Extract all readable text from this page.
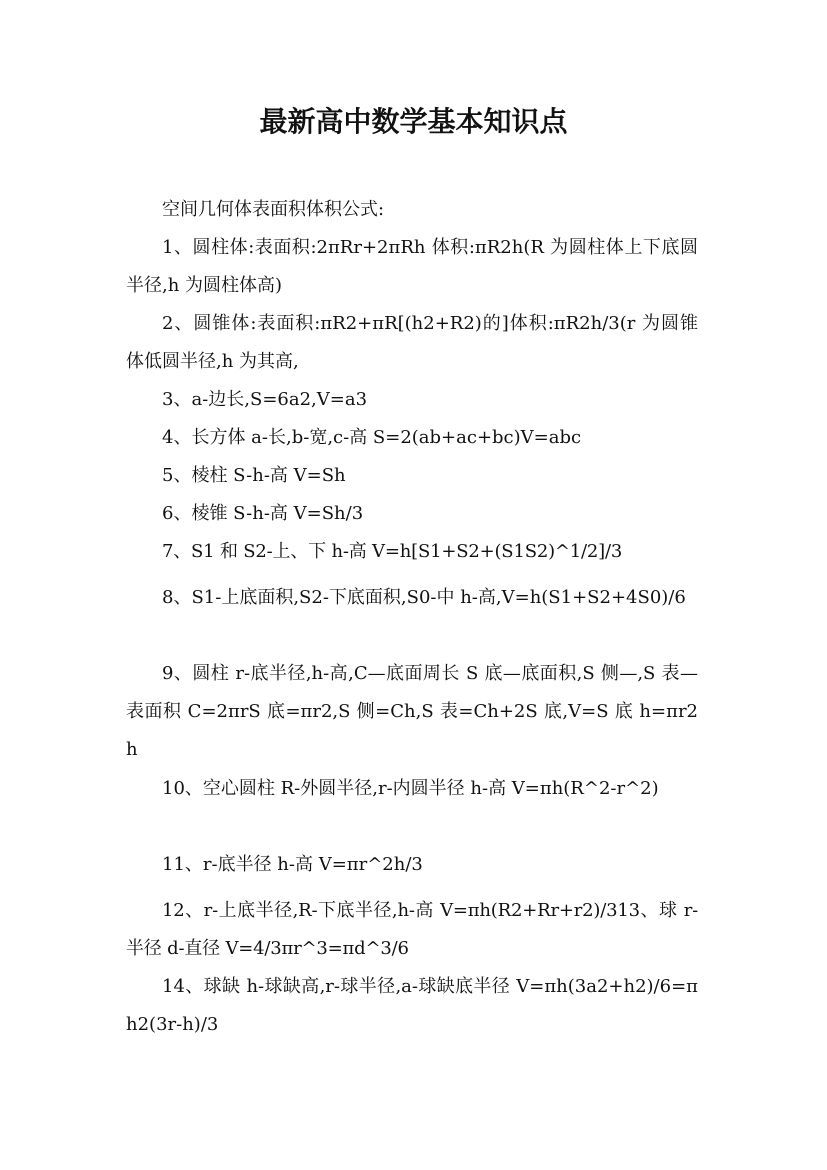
最新高中数学基本知识点

空间几何体表面积体积公式:

1、圆柱体:表面积:2πRr+2πRh 体积:πR2h(R 为圆柱体上下底圆半径,h 为圆柱体高)

2、圆锥体:表面积:πR2+πR[(h2+R2)的]体积:πR2h/3(r 为圆锥体低圆半径,h 为其高,

3、a-边长,S=6a2,V=a3

4、长方体 a-长,b-宽,c-高 S=2(ab+ac+bc)V=abc

5、棱柱 S-h-高 V=Sh

6、棱锥 S-h-高 V=Sh/3

7、S1 和 S2-上、下 h-高 V=h[S1+S2+(S1S2)^1/2]/3

8、S1-上底面积,S2-下底面积,S0-中 h-高,V=h(S1+S2+4S0)/6

9、圆柱 r-底半径,h-高,C—底面周长 S 底—底面积,S 侧—,S 表—表面积 C=2πrS 底=πr2,S 侧=Ch,S 表=Ch+2S 底,V=S 底 h=πr2h

10、空心圆柱 R-外圆半径,r-内圆半径 h-高 V=πh(R^2-r^2)

11、r-底半径 h-高 V=πr^2h/3

12、r-上底半径,R-下底半径,h-高 V=πh(R2+Rr+r2)/313、球 r-半径 d-直径 V=4/3πr^3=πd^3/6

14、球缺 h-球缺高,r-球半径,a-球缺底半径 V=πh(3a2+h2)/6=πh2(3r-h)/3
